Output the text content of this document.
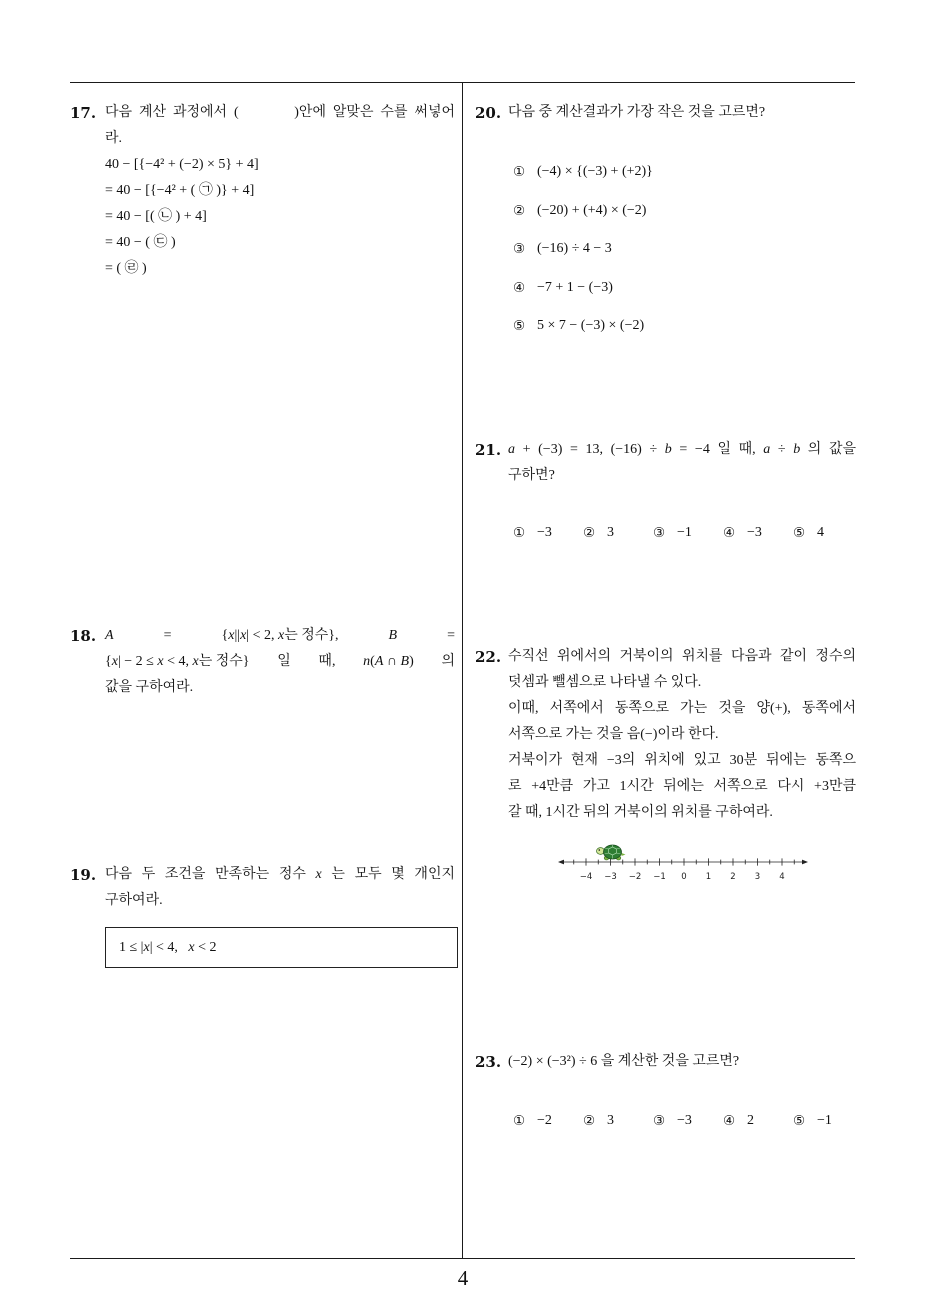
17. 다음 계산 과정에서 (        )안에 알맞은 수를 써넣어
라.
40 − [{−4² + (−2) × 5} + 4]
= 40 − [{−4² + ( ㉠ )} + 4]
= 40 − [( ㉡ ) + 4]
= 40 − ( ㉢ )
= ( ㉣ )
18. A	=	{x||x| < 2, x는 정수},	B	=
{x| − 2 ≤ x < 4, x는 정수} 일 때, n(A ∩ B) 의
값을 구하여라.
19. 다음 두 조건을 만족하는 정수 x 는 모두 몇 개인지
구하여라.
1 ≤ |x| < 4,   x < 2
20. 다음 중 계산결과가 가장 작은 것을 고르면?
① (−4) × {(−3) + (+2)}
② (−20) + (+4) × (−2)
③ (−16) ÷ 4 − 3
④ −7 + 1 − (−3)
⑤ 5 × 7 − (−3) × (−2)
21. a + (−3) = 13, (−16) ÷ b = −4 일 때, a ÷ b 의 값을
구하면?
① −3 ② 3	③ −1 ④ −3 ⑤ 4
22. 수직선 위에서의 거북이의 위치를 다음과 같이 정수의
덧셈과 뺄셈으로 나타낼 수 있다.
이때, 서쪽에서 동쪽으로 가는 것을 양(+), 동쪽에서
서쪽으로 가는 것을 음(−)이라 한다.
거북이가 현재 −3의 위치에 있고 30분 뒤에는 동쪽으
로 +4만큼 가고 1시간 뒤에는 서쪽으로 다시 +3만큼
갈 때, 1시간 뒤의 거북이의 위치를 구하여라.
−4 −3 −2 −1 0 1 2 3 4
23. (−2) × (−3²) ÷ 6 을 계산한 것을 고르면?
① −2 ② 3	③ −3 ④ 2	⑤ −1
4
